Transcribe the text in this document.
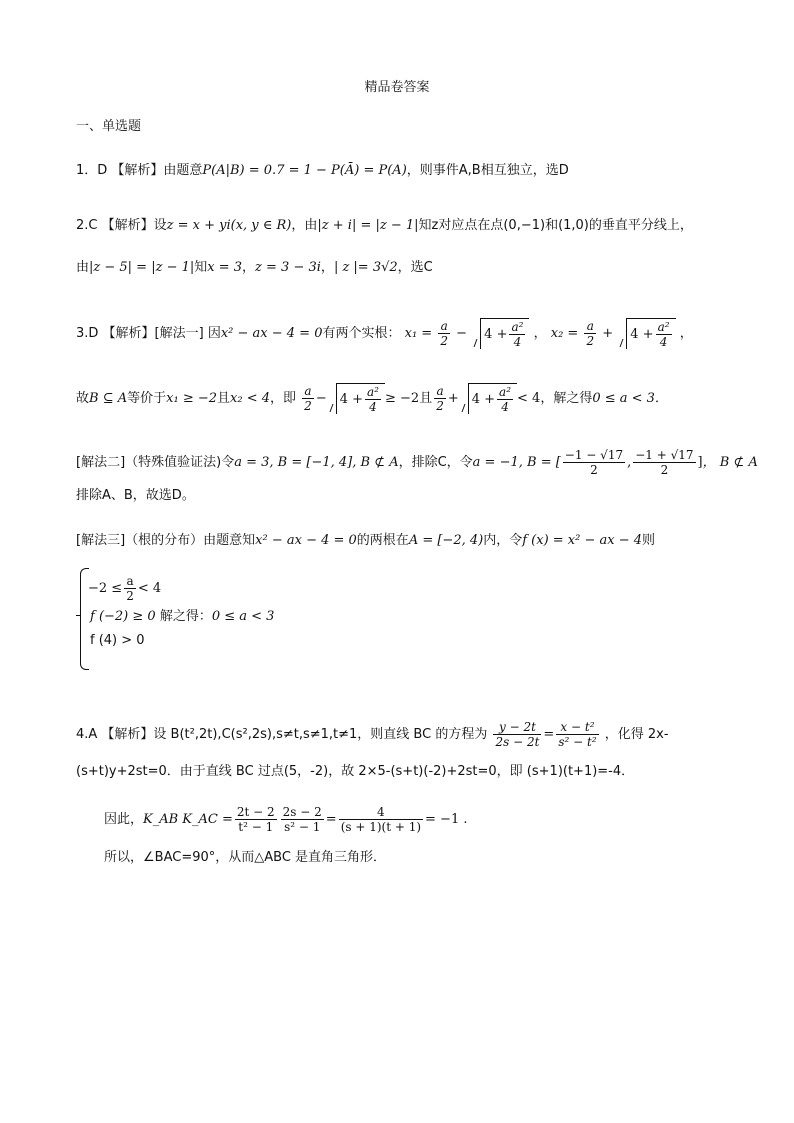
精品卷答案
一、单选题
1．D 【解析】由题意P(A|B) = 0.7 = 1 − P(Ā) = P(A)，则事件A,B相互独立，选D
2.C 【解析】设z = x + yi(x, y ∈ R)，由|z + i| = |z − 1|知z对应点在点(0,−1)和(1,0)的垂直平分线上，
由|z − 5| = |z − 1|知x = 3，z = 3 − 3i，| z |= 3√2，选C
3.D 【解析】[解法一] 因x² − ax − 4 = 0有两个实根： $x_1 = \frac{a}{2} - 4 + \frac{\text{a²}}{4}$ ， $x_2 = \frac{a}{2} + 4 + \frac{\text{a²}}{4}$ ，
故B ⊆ A等价于x₁ ≥ −2且x₂ < 4，即 $\frac{a}{2} - 4 + \frac{\text{a²}}{4} \ge -2$且 $\frac{a}{2} + 4 + \frac{\text{a²}}{4} < 4$，解之得0 ≤ a < 3．
[解法二]（特殊值验证法)令a = 3, B = [−1, 4], B ⊄ A，排除C，令a = −1, B = [ $\frac{-1 - √17}{2}$ , $\frac{-1 + √17}{2}$ ]， B ⊄ A
排除A、B，故选D。
[解法三]（根的分布）由题意知x² − ax − 4 = 0的两根在A = [−2, 4)内，令f (x) = x² − ax − 4则
$-2 \le \frac{a}{2} < 4$
f (−2) ≥ 0 解之得：0 ≤ a < 3
f (4) > 0
4.A 【解析】设 B(t²,2t),C(s²,2s),s≠t,s≠1,t≠1，则直线 BC 的方程为 $\frac{y - 2t}{2s - 2t} = \frac{\text{x − t²}}{\text{s² − t²}}$ ，化得 2x-
(s+t)y+2st=0．由于直线 BC 过点(5，-2)，故 2×5-(s+t)(-2)+2st=0，即 (s+1)(t+1)=-4．
因此，K_AB K_AC = $\frac{2t - 2}{\text{t² − 1}} \frac{2s - 2}{\text{s² − 1}} = \frac{4}{(s + 1)(t + 1)} = -1$ .
所以，∠BAC=90°，从而△ABC 是直角三角形．
